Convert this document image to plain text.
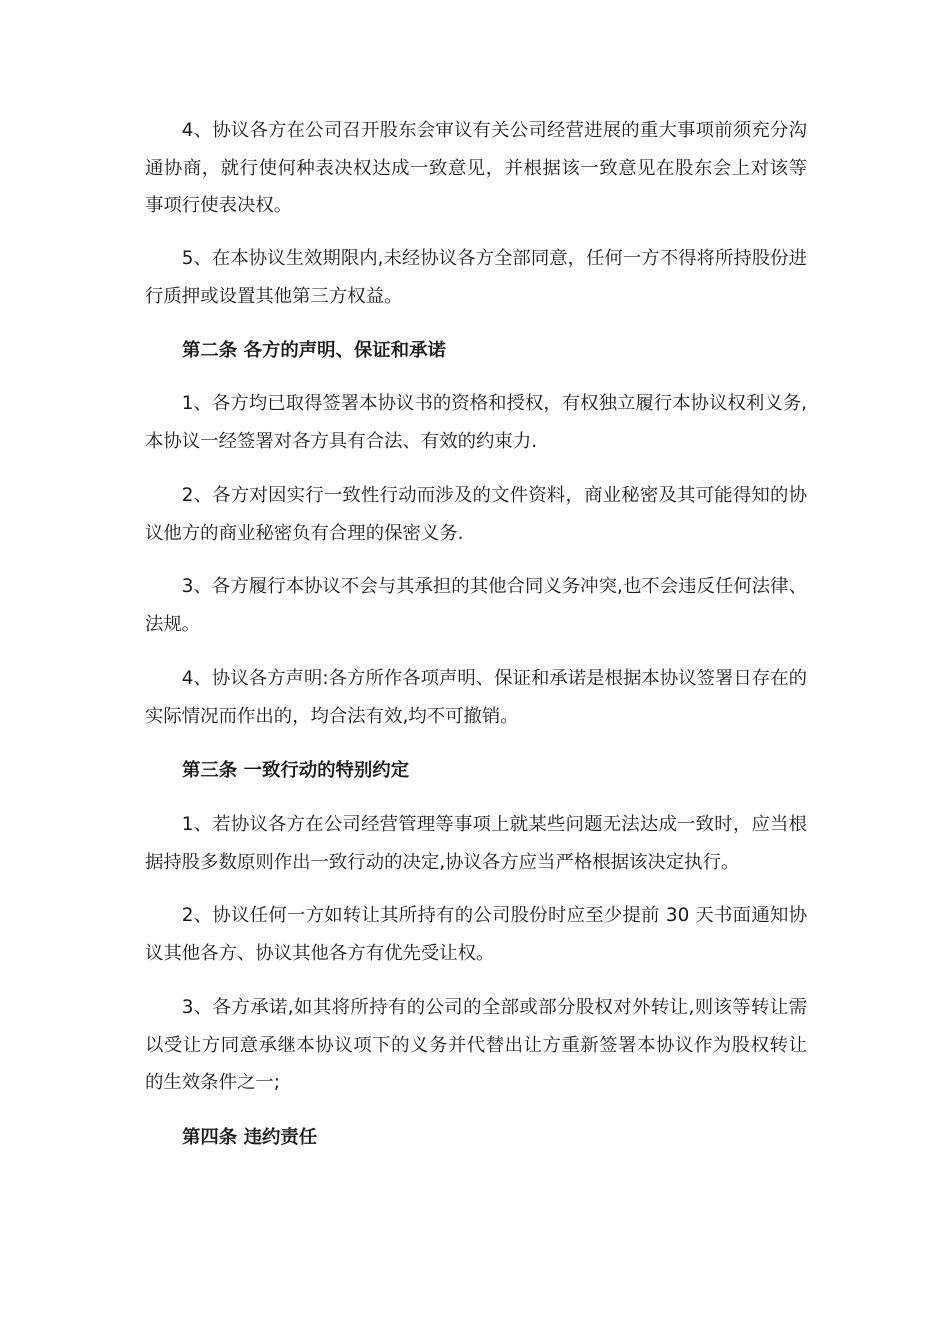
4、协议各方在公司召开股东会审议有关公司经营进展的重大事项前须充分沟通协商，就行使何种表决权达成一致意见，并根据该一致意见在股东会上对该等事项行使表决权。

5、在本协议生效期限内,未经协议各方全部同意，任何一方不得将所持股份进行质押或设置其他第三方权益。

第二条 各方的声明、保证和承诺

1、各方均已取得签署本协议书的资格和授权，有权独立履行本协议权利义务,本协议一经签署对各方具有合法、有效的约束力.

2、各方对因实行一致性行动而涉及的文件资料，商业秘密及其可能得知的协议他方的商业秘密负有合理的保密义务.

3、各方履行本协议不会与其承担的其他合同义务冲突,也不会违反任何法律、法规。

4、协议各方声明:各方所作各项声明、保证和承诺是根据本协议签署日存在的实际情况而作出的，均合法有效,均不可撤销。

第三条 一致行动的特别约定

1、若协议各方在公司经营管理等事项上就某些问题无法达成一致时，应当根据持股多数原则作出一致行动的决定,协议各方应当严格根据该决定执行。

2、协议任何一方如转让其所持有的公司股份时应至少提前 30 天书面通知协议其他各方、协议其他各方有优先受让权。

3、各方承诺,如其将所持有的公司的全部或部分股权对外转让,则该等转让需以受让方同意承继本协议项下的义务并代替出让方重新签署本协议作为股权转让的生效条件之一;

第四条 违约责任
